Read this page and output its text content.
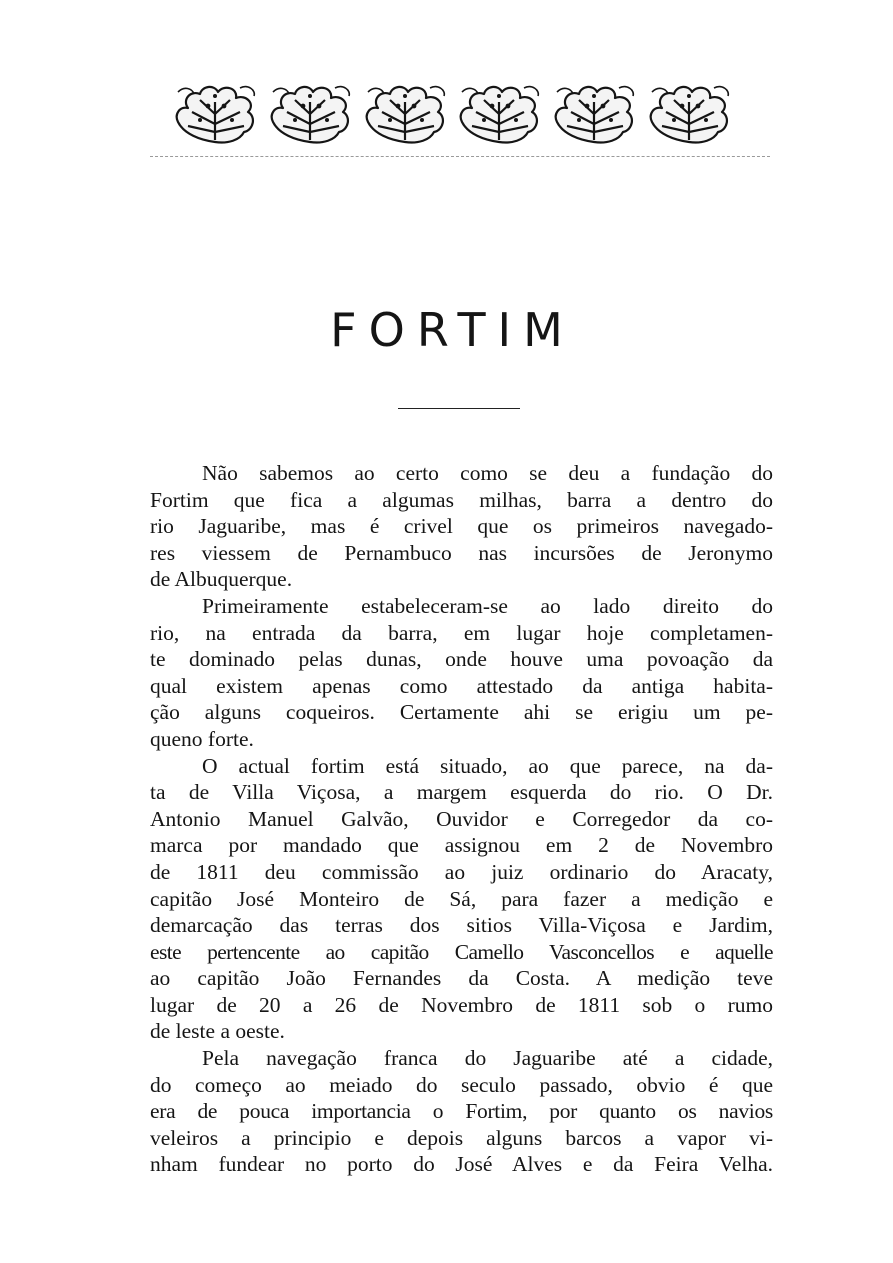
FORTIM
Não sabemos ao certo como se deu a fundação do
Fortim que fica a algumas milhas, barra a dentro do
rio Jaguaribe, mas é crivel que os primeiros navegado-
res viessem de Pernambuco nas incursões de Jeronymo
de Albuquerque.
Primeiramente estabeleceram-se ao lado direito do
rio, na entrada da barra, em lugar hoje completamen-
te dominado pelas dunas, onde houve uma povoação da
qual existem apenas como attestado da antiga habita-
ção alguns coqueiros. Certamente ahi se erigiu um pe-
queno forte.
O actual fortim está situado, ao que parece, na da-
ta de Villa Viçosa, a margem esquerda do rio. O Dr.
Antonio Manuel Galvão, Ouvidor e Corregedor da co-
marca por mandado que assignou em 2 de Novembro
de 1811 deu commissão ao juiz ordinario do Aracaty,
capitão José Monteiro de Sá, para fazer a medição e
demarcação das terras dos sitios Villa-Viçosa e Jardim,
este pertencente ao capitão Camello Vasconcellos e aquelle
ao capitão João Fernandes da Costa. A medição teve
lugar de 20 a 26 de Novembro de 1811 sob o rumo
de leste a oeste.
Pela navegação franca do Jaguaribe até a cidade,
do começo ao meiado do seculo passado, obvio é que
era de pouca importancia o Fortim, por quanto os navios
veleiros a principio e depois alguns barcos a vapor vi-
nham fundear no porto do José Alves e da Feira Velha.
